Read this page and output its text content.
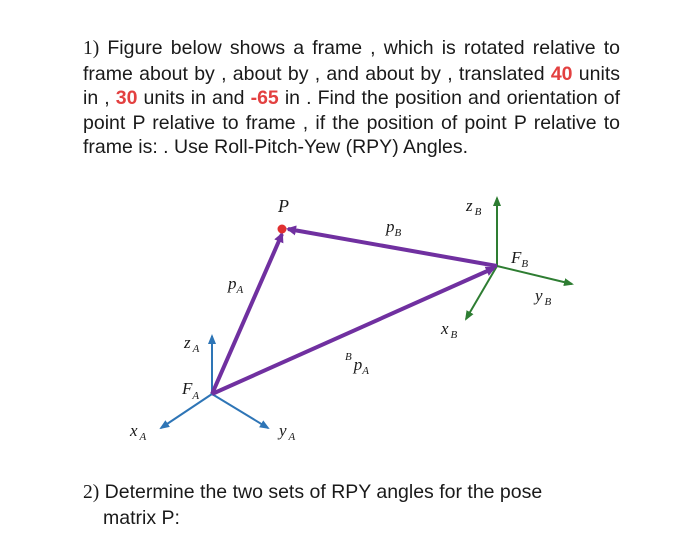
1) Figure below shows a frame , which is rotated relative to frame about by , about by , and about by , translated 40 units in , 30 units in and -65 in . Find the position and orientation of point P relative to frame , if the position of point P relative to frame is: . Use Roll-Pitch-Yew (RPY) Angles.
P
$p_B$
$p_A$
B pA
$F_A$
$F_B$
z $_A$
x $_A$	y $_A$
z $_B$
x $_B$
y $_B$
2) Determine the two sets of RPY angles for the pose
matrix P:
